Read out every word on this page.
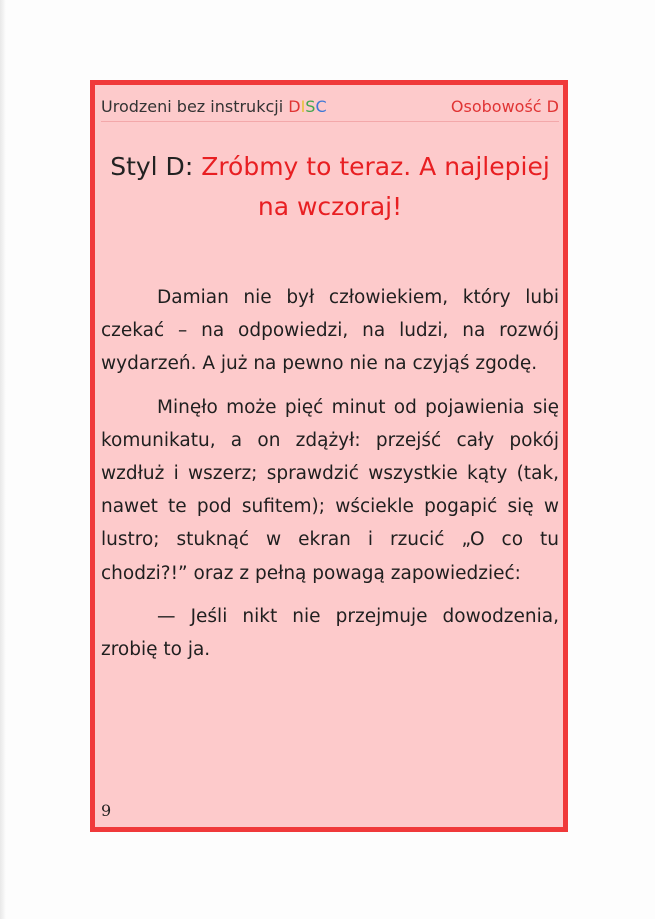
Urodzeni bez instrukcji DISC	Osobowość D
Styl D: Zróbmy to teraz. A najlepiej na wczoraj!

Damian nie był człowiekiem, który lubi czekać – na odpowiedzi, na ludzi, na rozwój wydarzeń. A już na pewno nie na czyjąś zgodę.

Minęło może pięć minut od pojawienia się komunikatu, a on zdążył: przejść cały pokój wzdłuż i wszerz; sprawdzić wszystkie kąty (tak, nawet te pod sufitem); wściekle pogapić się w lustro; stuknąć w ekran i rzucić „O co tu chodzi?!” oraz z pełną powagą zapowiedzieć:

— Jeśli nikt nie przejmuje dowodzenia, zrobię to ja.

9
